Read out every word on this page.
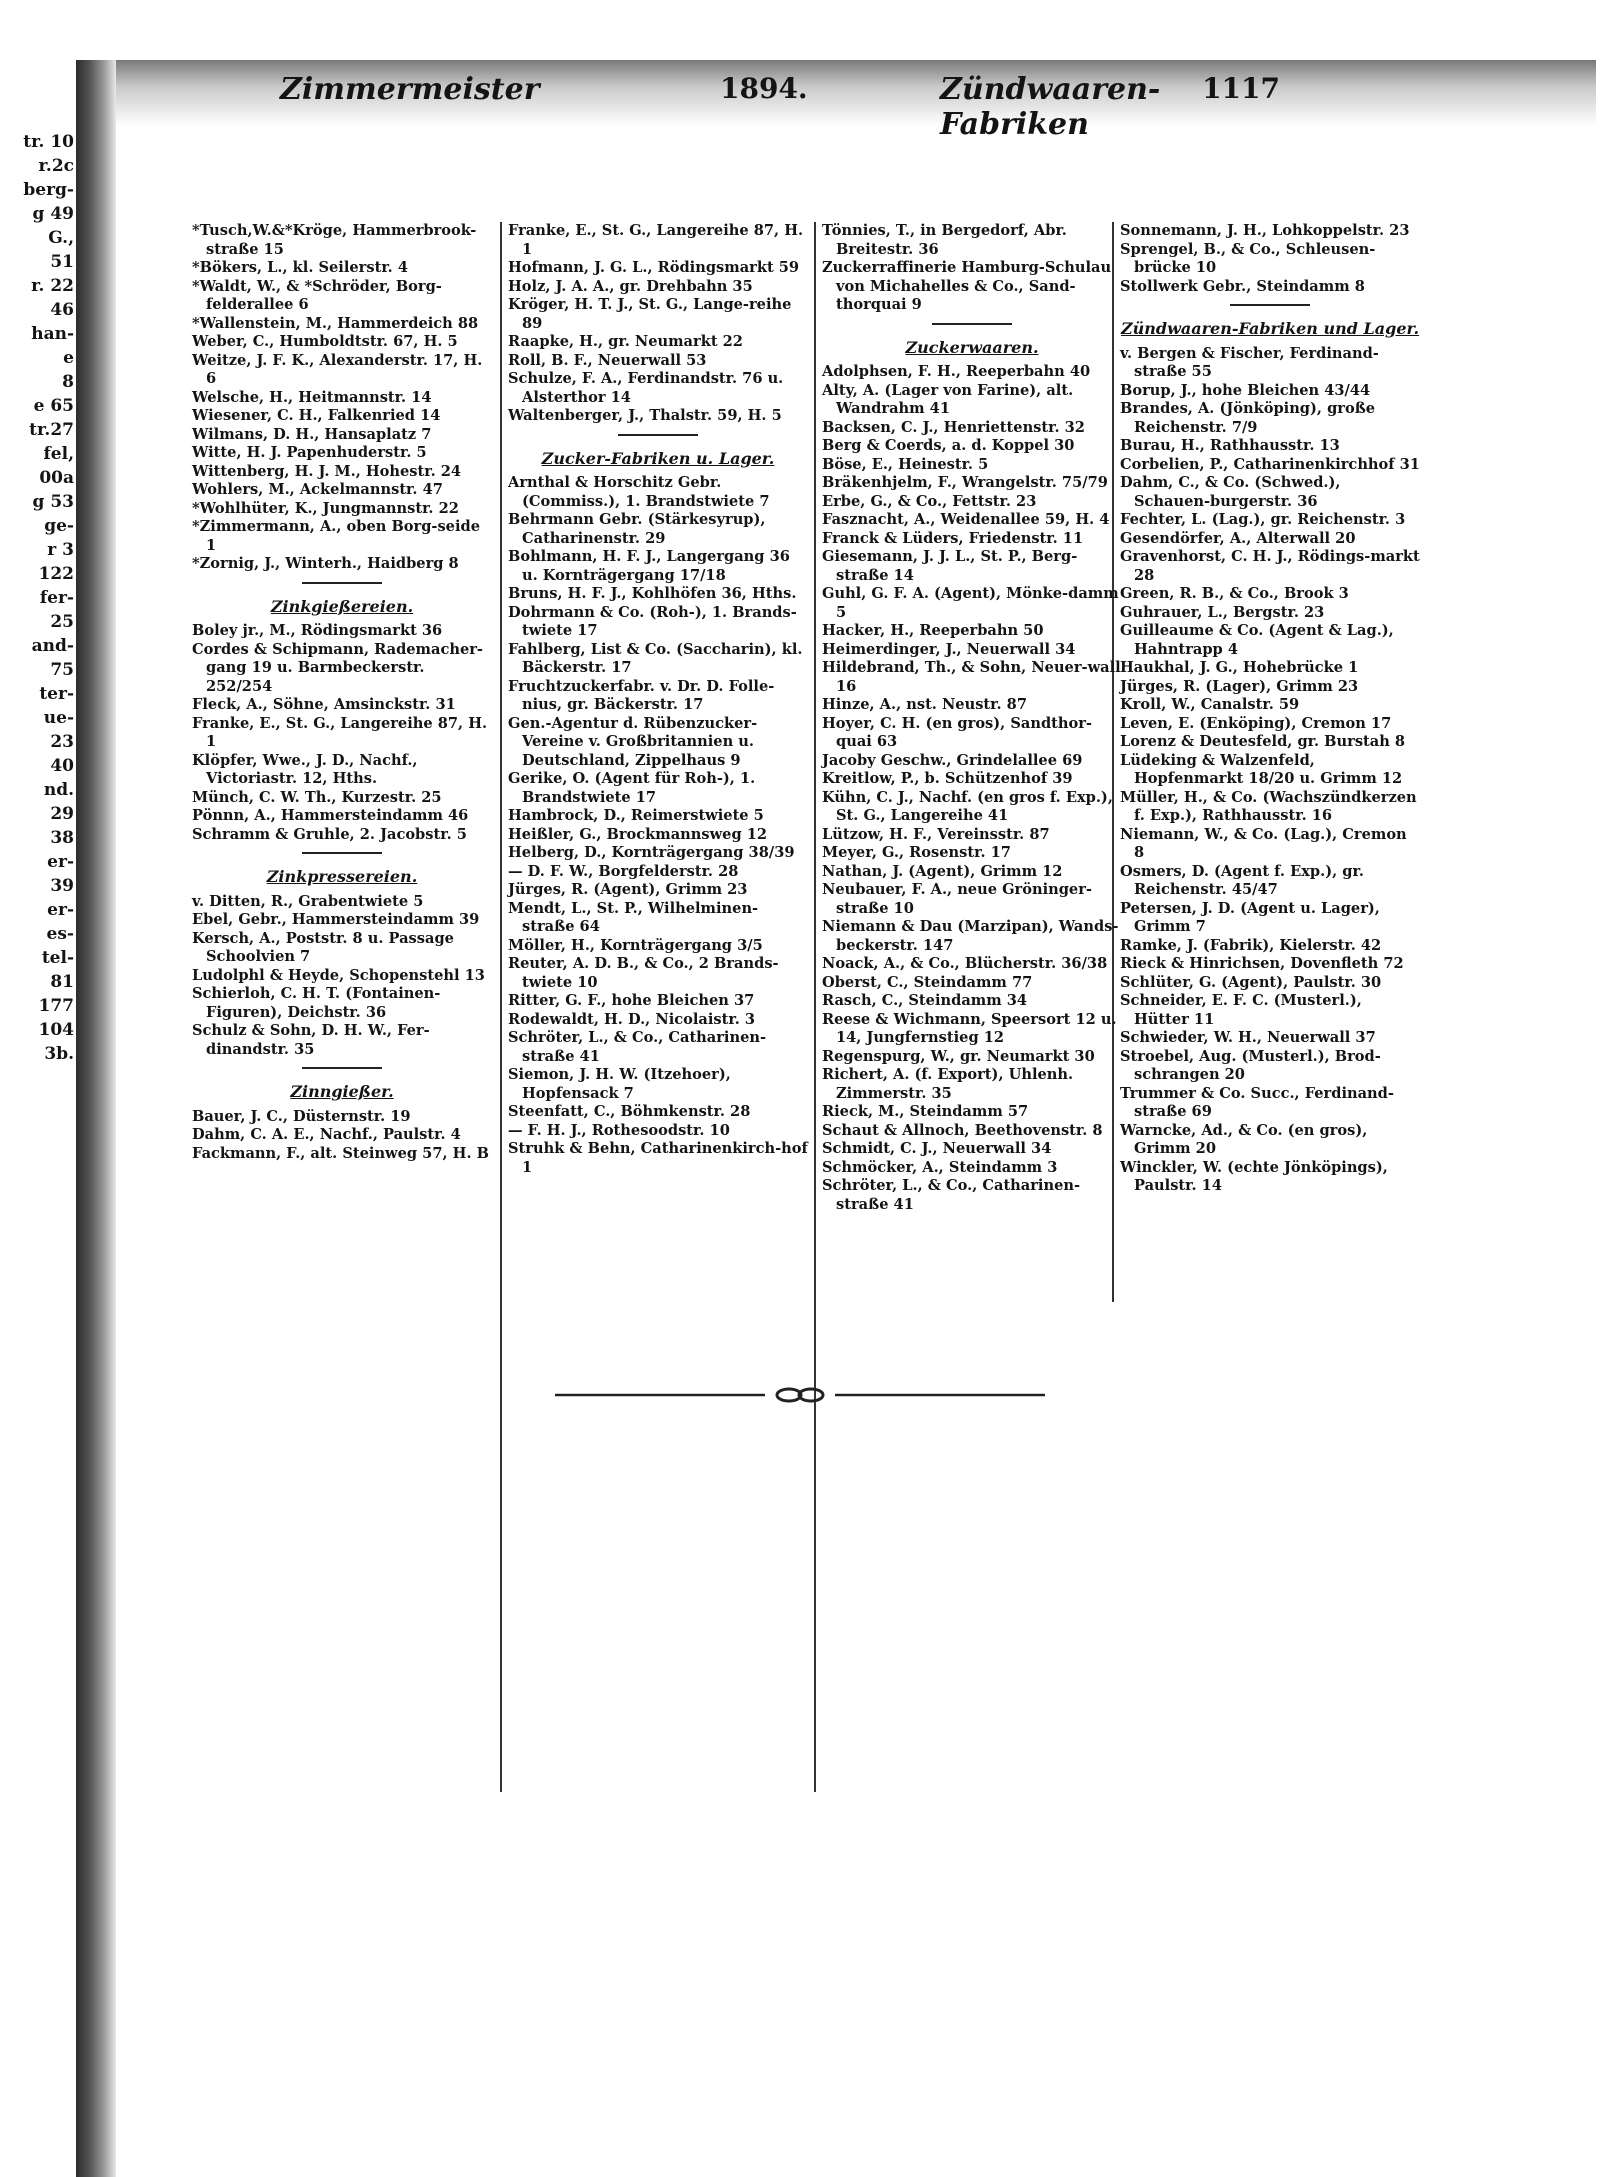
tr. 10
r.2c
berg-
g 49
G.,
51
r. 22
46
han-
e
8
e 65
tr.27
fel,
00a
g 53
ge-
r 3
122
fer-
25
and-
75
ter-
ue-
23
40
nd.
29
38
er-
39
er-
es-
tel-
81
177
104
3b.
Zimmermeister	1894.	Zündwaaren-Fabriken
1117
*Tusch,W.&*Kröge, Hammerbrook-straße 15
*Bökers, L., kl. Seilerstr. 4
*Waldt, W., & *Schröder, Borg-felderallee 6
*Wallenstein, M., Hammerdeich 88
Weber, C., Humboldtstr. 67, H. 5
Weitze, J. F. K., Alexanderstr. 17, H. 6
Welsche, H., Heitmannstr. 14
Wiesener, C. H., Falkenried 14
Wilmans, D. H., Hansaplatz 7
Witte, H. J. Papenhuderstr. 5
Wittenberg, H. J. M., Hohestr. 24
Wohlers, M., Ackelmannstr. 47
*Wohlhüter, K., Jungmannstr. 22
*Zimmermann, A., oben Borg-seide 1
*Zornig, J., Winterh., Haidberg 8
Zinkgießereien.
Boley jr., M., Rödingsmarkt 36
Cordes & Schipmann, Rademacher-gang 19 u. Barmbeckerstr. 252/254
Fleck, A., Söhne, Amsinckstr. 31
Franke, E., St. G., Langereihe 87, H. 1
Klöpfer, Wwe., J. D., Nachf., Victoriastr. 12, Hths.
Münch, C. W. Th., Kurzestr. 25
Pönnn, A., Hammersteindamm 46
Schramm & Gruhle, 2. Jacobstr. 5
Zinkpressereien.
v. Ditten, R., Grabentwiete 5
Ebel, Gebr., Hammersteindamm 39
Kersch, A., Poststr. 8 u. Passage Schoolvien 7
Ludolphl & Heyde, Schopenstehl 13
Schierloh, C. H. T. (Fontainen-Figuren), Deichstr. 36
Schulz & Sohn, D. H. W., Fer-dinandstr. 35
Zinngießer.
Bauer, J. C., Düsternstr. 19
Dahm, C. A. E., Nachf., Paulstr. 4
Fackmann, F., alt. Steinweg 57, H. B
Franke, E., St. G., Langereihe 87, H. 1
Hofmann, J. G. L., Rödingsmarkt 59
Holz, J. A. A., gr. Drehbahn 35
Kröger, H. T. J., St. G., Lange-reihe 89
Raapke, H., gr. Neumarkt 22
Roll, B. F., Neuerwall 53
Schulze, F. A., Ferdinandstr. 76 u. Alsterthor 14
Waltenberger, J., Thalstr. 59, H. 5
Zucker-Fabriken u. Lager.
Arnthal & Horschitz Gebr. (Commiss.), 1. Brandstwiete 7
Behrmann Gebr. (Stärkesyrup), Catharinenstr. 29
Bohlmann, H. F. J., Langergang 36 u. Kornträgergang 17/18
Bruns, H. F. J., Kohlhöfen 36, Hths.
Dohrmann & Co. (Roh-), 1. Brands-twiete 17
Fahlberg, List & Co. (Saccharin), kl. Bäckerstr. 17
Fruchtzuckerfabr. v. Dr. D. Folle-nius, gr. Bäckerstr. 17
Gen.-Agentur d. Rübenzucker-Vereine v. Großbritannien u. Deutschland, Zippelhaus 9
Gerike, O. (Agent für Roh-), 1. Brandstwiete 17
Hambrock, D., Reimerstwiete 5
Heißler, G., Brockmannsweg 12
Helberg, D., Kornträgergang 38/39
— D. F. W., Borgfelderstr. 28
Jürges, R. (Agent), Grimm 23
Mendt, L., St. P., Wilhelminen-straße 64
Möller, H., Kornträgergang 3/5
Reuter, A. D. B., & Co., 2 Brands-twiete 10
Ritter, G. F., hohe Bleichen 37
Rodewaldt, H. D., Nicolaistr. 3
Schröter, L., & Co., Catharinen-straße 41
Siemon, J. H. W. (Itzehoer), Hopfensack 7
Steenfatt, C., Böhmkenstr. 28
— F. H. J., Rothesoodstr. 10
Struhk & Behn, Catharinenkirch-hof 1
Tönnies, T., in Bergedorf, Abr. Breitestr. 36
Zuckerraffinerie Hamburg-Schulau von Michahelles & Co., Sand-thorquai 9
Zuckerwaaren.
Adolphsen, F. H., Reeperbahn 40
Alty, A. (Lager von Farine), alt. Wandrahm 41
Backsen, C. J., Henriettenstr. 32
Berg & Coerds, a. d. Koppel 30
Böse, E., Heinestr. 5
Bräkenhjelm, F., Wrangelstr. 75/79
Erbe, G., & Co., Fettstr. 23
Fasznacht, A., Weidenallee 59, H. 4
Franck & Lüders, Friedenstr. 11
Giesemann, J. J. L., St. P., Berg-straße 14
Guhl, G. F. A. (Agent), Mönke-damm 5
Hacker, H., Reeperbahn 50
Heimerdinger, J., Neuerwall 34
Hildebrand, Th., & Sohn, Neuer-wall 16
Hinze, A., nst. Neustr. 87
Hoyer, C. H. (en gros), Sandthor-quai 63
Jacoby Geschw., Grindelallee 69
Kreitlow, P., b. Schützenhof 39
Kühn, C. J., Nachf. (en gros f. Exp.), St. G., Langereihe 41
Lützow, H. F., Vereinsstr. 87
Meyer, G., Rosenstr. 17
Nathan, J. (Agent), Grimm 12
Neubauer, F. A., neue Gröninger-straße 10
Niemann & Dau (Marzipan), Wands-beckerstr. 147
Noack, A., & Co., Blücherstr. 36/38
Oberst, C., Steindamm 77
Rasch, C., Steindamm 34
Reese & Wichmann, Speersort 12 u. 14, Jungfernstieg 12
Regenspurg, W., gr. Neumarkt 30
Richert, A. (f. Export), Uhlenh. Zimmerstr. 35
Rieck, M., Steindamm 57
Schaut & Allnoch, Beethovenstr. 8
Schmidt, C. J., Neuerwall 34
Schmöcker, A., Steindamm 3
Schröter, L., & Co., Catharinen-straße 41
Sonnemann, J. H., Lohkoppelstr. 23
Sprengel, B., & Co., Schleusen-brücke 10
Stollwerk Gebr., Steindamm 8
Zündwaaren-Fabriken und Lager.
v. Bergen & Fischer, Ferdinand-straße 55
Borup, J., hohe Bleichen 43/44
Brandes, A. (Jönköping), große Reichenstr. 7/9
Burau, H., Rathhausstr. 13
Corbelien, P., Catharinenkirchhof 31
Dahm, C., & Co. (Schwed.), Schauen-burgerstr. 36
Fechter, L. (Lag.), gr. Reichenstr. 3
Gesendörfer, A., Alterwall 20
Gravenhorst, C. H. J., Rödings-markt 28
Green, R. B., & Co., Brook 3
Guhrauer, L., Bergstr. 23
Guilleaume & Co. (Agent & Lag.), Hahntrapp 4
Haukhal, J. G., Hohebrücke 1
Jürges, R. (Lager), Grimm 23
Kroll, W., Canalstr. 59
Leven, E. (Enköping), Cremon 17
Lorenz & Deutesfeld, gr. Burstah 8
Lüdeking & Walzenfeld, Hopfenmarkt 18/20 u. Grimm 12
Müller, H., & Co. (Wachszündkerzen f. Exp.), Rathhausstr. 16
Niemann, W., & Co. (Lag.), Cremon 8
Osmers, D. (Agent f. Exp.), gr. Reichenstr. 45/47
Petersen, J. D. (Agent u. Lager), Grimm 7
Ramke, J. (Fabrik), Kielerstr. 42
Rieck & Hinrichsen, Dovenfleth 72
Schlüter, G. (Agent), Paulstr. 30
Schneider, E. F. C. (Musterl.), Hütter 11
Schwieder, W. H., Neuerwall 37
Stroebel, Aug. (Musterl.), Brod-schrangen 20
Trummer & Co. Succ., Ferdinand-straße 69
Warncke, Ad., & Co. (en gros), Grimm 20
Winckler, W. (echte Jönköpings), Paulstr. 14
